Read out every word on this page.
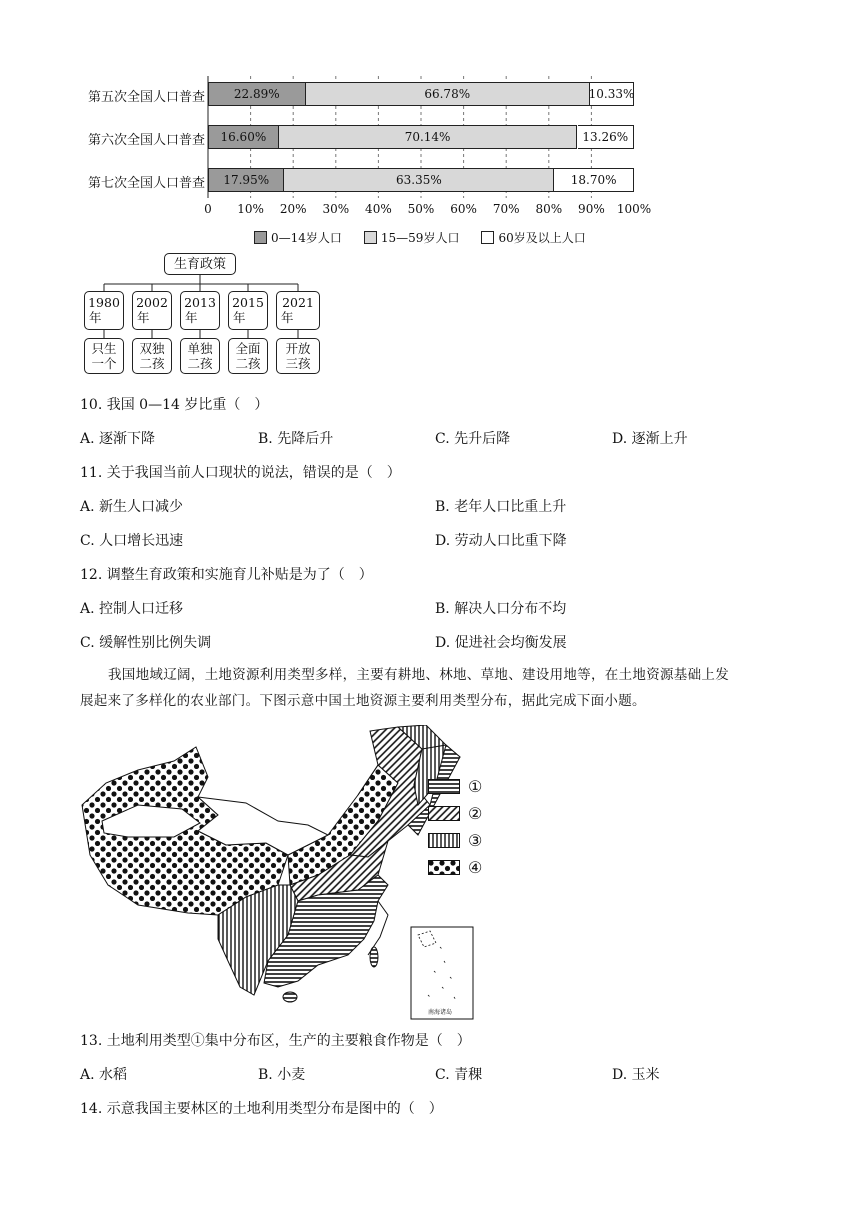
第五次全国人口普查 22.89%	66.78%	10.33%
第六次全国人口普查 16.60%	70.14%	13.26%
第七次全国人口普查 17.95%	63.35%	18.70%
0 10% 20% 30% 40% 50% 60% 70% 80% 90% 100%
0—14岁人口	15—59岁人口	60岁及以上人口
生育政策
1980
年
2002
年
2013
年
2015
年
2021
年
只生
一个
双独
二孩
单独
二孩
全面
二孩
开放
三孩
10. 我国 0—14 岁比重（　）
A. 逐渐下降	B. 先降后升	C. 先升后降	D. 逐渐上升
11. 关于我国当前人口现状的说法，错误的是（　）
A. 新生人口减少	B. 老年人口比重上升
C. 人口增长迅速	D. 劳动人口比重下降
12. 调整生育政策和实施育儿补贴是为了（　）
A. 控制人口迁移	B. 解决人口分布不均
C. 缓解性别比例失调	D. 促进社会均衡发展
我国地域辽阔，土地资源利用类型多样，主要有耕地、林地、草地、建设用地等，在土地资源基础上发
展起来了多样化的农业部门。下图示意中国土地资源主要利用类型分布，据此完成下面小题。
南海诸岛
①
②
③
④
13. 土地利用类型①集中分布区，生产的主要粮食作物是（　）
A. 水稻	B. 小麦	C. 青稞	D. 玉米
14. 示意我国主要林区的土地利用类型分布是图中的（　）
